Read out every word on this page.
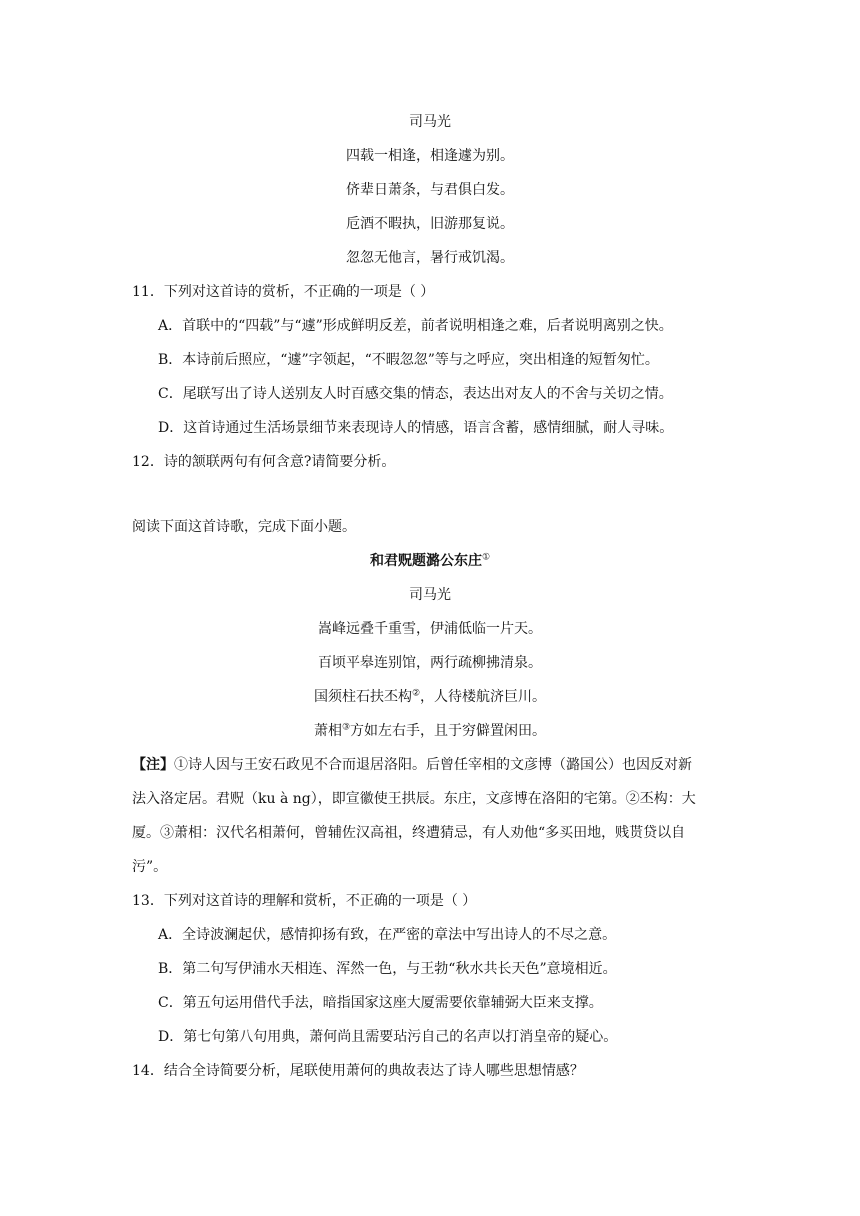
司马光
四载一相逢，相逢遽为别。
侪辈日萧条，与君俱白发。
卮酒不暇执，旧游那复说。
忽忽无他言，暑行戒饥渴。
11．下列对这首诗的赏析，不正确的一项是（ ）
A．首联中的“四载”与“遽”形成鲜明反差，前者说明相逢之难，后者说明离别之快。
B．本诗前后照应，“遽”字领起，“不暇忽忽”等与之呼应，突出相逢的短暂匆忙。
C．尾联写出了诗人送别友人时百感交集的情态，表达出对友人的不舍与关切之情。
D．这首诗通过生活场景细节来表现诗人的情感，语言含蓄，感情细腻，耐人寻味。
12．诗的颔联两句有何含意?请简要分析。
阅读下面这首诗歌，完成下面小题。
和君贶题潞公东庄①
司马光
嵩峰远叠千重雪，伊浦低临一片天。
百顷平皋连别馆，两行疏柳拂清泉。
国须柱石扶丕构②，人待楼航济巨川。
萧相③方如左右手，且于穷僻置闲田。
【注】①诗人因与王安石政见不合而退居洛阳。后曾任宰相的文彦博（潞国公）也因反对新
法入洛定居。君贶（ku à ng），即宣徽使王拱辰。东庄，文彦博在洛阳的宅第。②丕构：大
厦。③萧相：汉代名相萧何，曾辅佐汉高祖，终遭猜忌，有人劝他“多买田地，贱贳贷以自
污”。
13．下列对这首诗的理解和赏析，不正确的一项是（ ）
A．全诗波澜起伏，感情抑扬有致，在严密的章法中写出诗人的不尽之意。
B．第二句写伊浦水天相连、浑然一色，与王勃“秋水共长天色”意境相近。
C．第五句运用借代手法，暗指国家这座大厦需要依靠辅弼大臣来支撑。
D．第七句第八句用典，萧何尚且需要玷污自己的名声以打消皇帝的疑心。
14．结合全诗简要分析，尾联使用萧何的典故表达了诗人哪些思想情感？
